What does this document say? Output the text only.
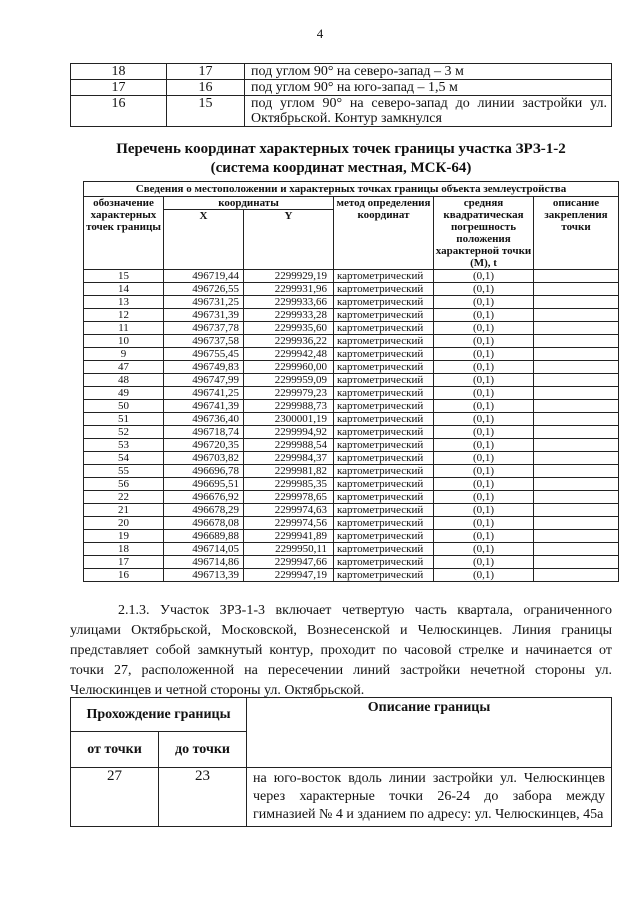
4
18	17	под углом 90° на северо-запад – 3 м
17	16	под углом 90° на юго-запад – 1,5 м
16	15	под углом 90° на северо-запад до линии застройки ул. Октябрьской. Контур замкнулся
Перечень координат характерных точек границы участка ЗРЗ-1-2
(система координат местная, МСК-64)
Сведения о местоположении и характерных точках границы объекта землеустройства					
обозначение характерных точек границы	координаты		метод определения координат	средняя квадратическая погрешность положения характерной точки (М), t	описание закрепления точки
	X	Y			
15	496719,44	2299929,19	картометрический	(0,1)	
14	496726,55	2299931,96	картометрический	(0,1)	
13	496731,25	2299933,66	картометрический	(0,1)	
12	496731,39	2299933,28	картометрический	(0,1)	
11	496737,78	2299935,60	картометрический	(0,1)	
10	496737,58	2299936,22	картометрический	(0,1)	
9	496755,45	2299942,48	картометрический	(0,1)	
47	496749,83	2299960,00	картометрический	(0,1)	
48	496747,99	2299959,09	картометрический	(0,1)	
49	496741,25	2299979,23	картометрический	(0,1)	
50	496741,39	2299988,73	картометрический	(0,1)	
51	496736,40	2300001,19	картометрический	(0,1)	
52	496718,74	2299994,92	картометрический	(0,1)	
53	496720,35	2299988,54	картометрический	(0,1)	
54	496703,82	2299984,37	картометрический	(0,1)	
55	496696,78	2299981,82	картометрический	(0,1)	
56	496695,51	2299985,35	картометрический	(0,1)	
22	496676,92	2299978,65	картометрический	(0,1)	
21	496678,29	2299974,63	картометрический	(0,1)	
20	496678,08	2299974,56	картометрический	(0,1)	
19	496689,88	2299941,89	картометрический	(0,1)	
18	496714,05	2299950,11	картометрический	(0,1)	
17	496714,86	2299947,66	картометрический	(0,1)	
16	496713,39	2299947,19	картометрический	(0,1)	
2.1.3. Участок ЗРЗ-1-3 включает четвертую часть квартала, ограниченного улицами Октябрьской, Московской, Вознесенской и Челюскинцев. Линия границы представляет собой замкнутый контур, проходит по часовой стрелке и начинается от точки 27, расположенной на пересечении линий застройки нечетной стороны ул. Челюскинцев и четной стороны ул. Октябрьской.
Прохождение границы		Описание границы
от точки	до точки	
27	23	на юго-восток вдоль линии застройки ул. Челюскинцев через характерные точки 26-24 до забора между гимназией № 4 и зданием по адресу: ул. Челюскинцев, 45а
